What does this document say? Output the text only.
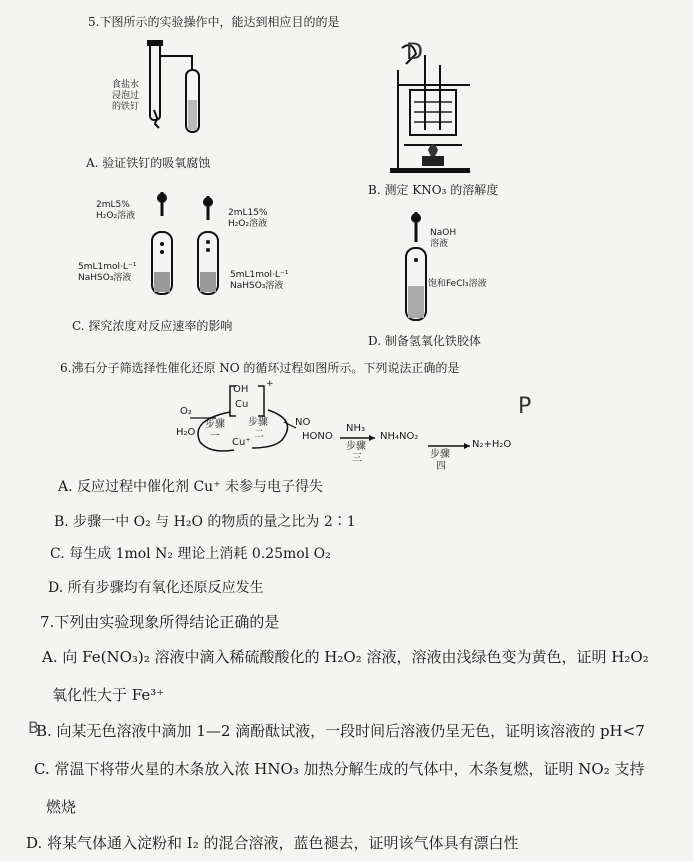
5.下图所示的实验操作中，能达到相应目的的是
食盐水
浸泡过
的铁钉
A. 验证铁钉的吸氧腐蚀
B. 测定 KNO₃ 的溶解度
2mL5%
H₂O₂溶液	2mL15%
H₂O₂溶液
5mL1mol·L⁻¹
NaHSO₃溶液	5mL1mol·L⁻¹
NaHSO₃溶液
C. 探究浓度对反应速率的影响
NaOH
溶液
饱和FeCl₃溶液
D. 制备氢氧化铁胶体
6.沸石分子筛选择性催化还原 NO 的循环过程如图所示。下列说法正确的是
OH
Cu
+
O₂
H₂O
步骤
一
步骤
二
Cu⁺
NO
HONO
NH₃
步骤
三
NH₄NO₂
步骤
四
N₂+H₂O
A. 反应过程中催化剂 Cu⁺ 未参与电子得失
B. 步骤一中 O₂ 与 H₂O 的物质的量之比为 2∶1
C. 每生成 1mol N₂ 理论上消耗 0.25mol O₂
D. 所有步骤均有氧化还原反应发生
7.下列由实验现象所得结论正确的是
A. 向 Fe(NO₃)₂ 溶液中滴入稀硫酸酸化的 H₂O₂ 溶液，溶液由浅绿色变为黄色，证明 H₂O₂
氧化性大于 Fe³⁺
B. 向某无色溶液中滴加 1—2 滴酚酞试液，一段时间后溶液仍呈无色，证明该溶液的 pH<7
C. 常温下将带火星的木条放入浓 HNO₃ 加热分解生成的气体中，木条复燃，证明 NO₂ 支持
燃烧
D. 将某气体通入淀粉和 I₂ 的混合溶液，蓝色褪去，证明该气体具有漂白性
D
P
B
